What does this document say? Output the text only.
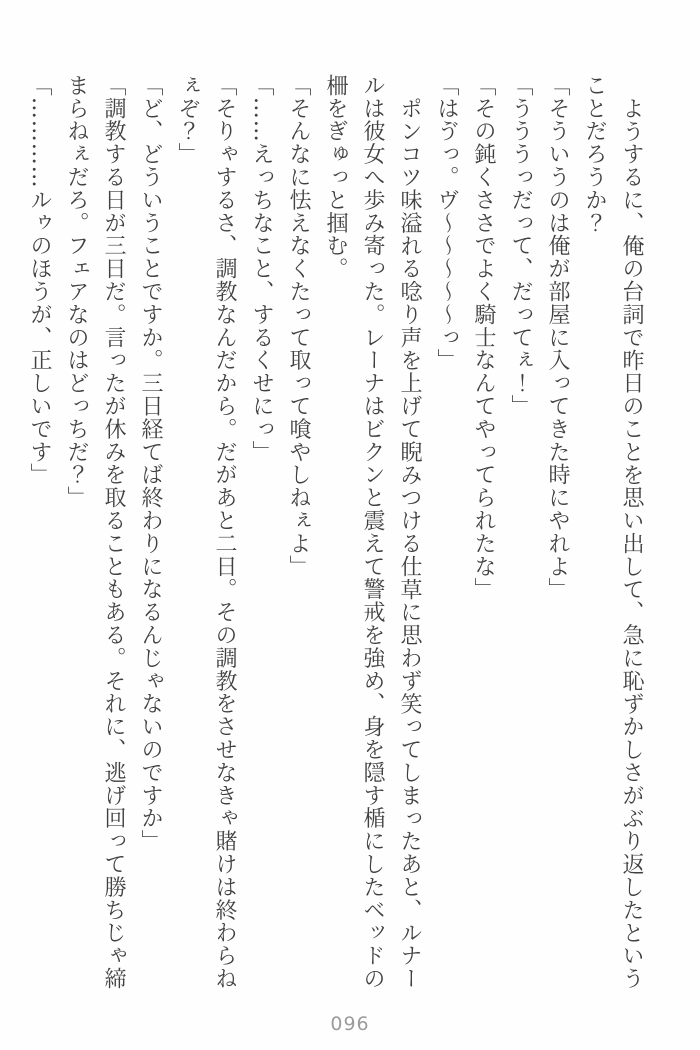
ようするに、俺の台詞で昨日のことを思い出して、急に恥ずかしさがぶり返したという

ことだろうか？

「そういうのは俺が部屋に入ってきた時にやれよ」

「うううっだって、だってぇ！」

「その鈍くささでよく騎士なんてやってられたな」

「はゔっ。ヴ〜〜〜〜〜っ」

ポンコツ味溢れる唸り声を上げて睨みつける仕草に思わず笑ってしまったあと、ルナー

ルは彼女へ歩み寄った。レーナはビクンと震えて警戒を強め、身を隠す楯にしたベッドの

柵をぎゅっと掴む。

「そんなに怯えなくたって取って喰やしねぇよ」

「……えっちなこと、するくせにっ」

「そりゃするさ、調教なんだから。だがあと二日。その調教をさせなきゃ賭けは終わらね

ぇぞ？」

「ど、どういうことですか。三日経てば終わりになるんじゃないのですか」

「調教する日が三日だ。言ったが休みを取ることもある。それに、逃げ回って勝ちじゃ締

まらねぇだろ。フェアなのはどっちだ？」

「…………ルゥのほうが、正しいです」

096
